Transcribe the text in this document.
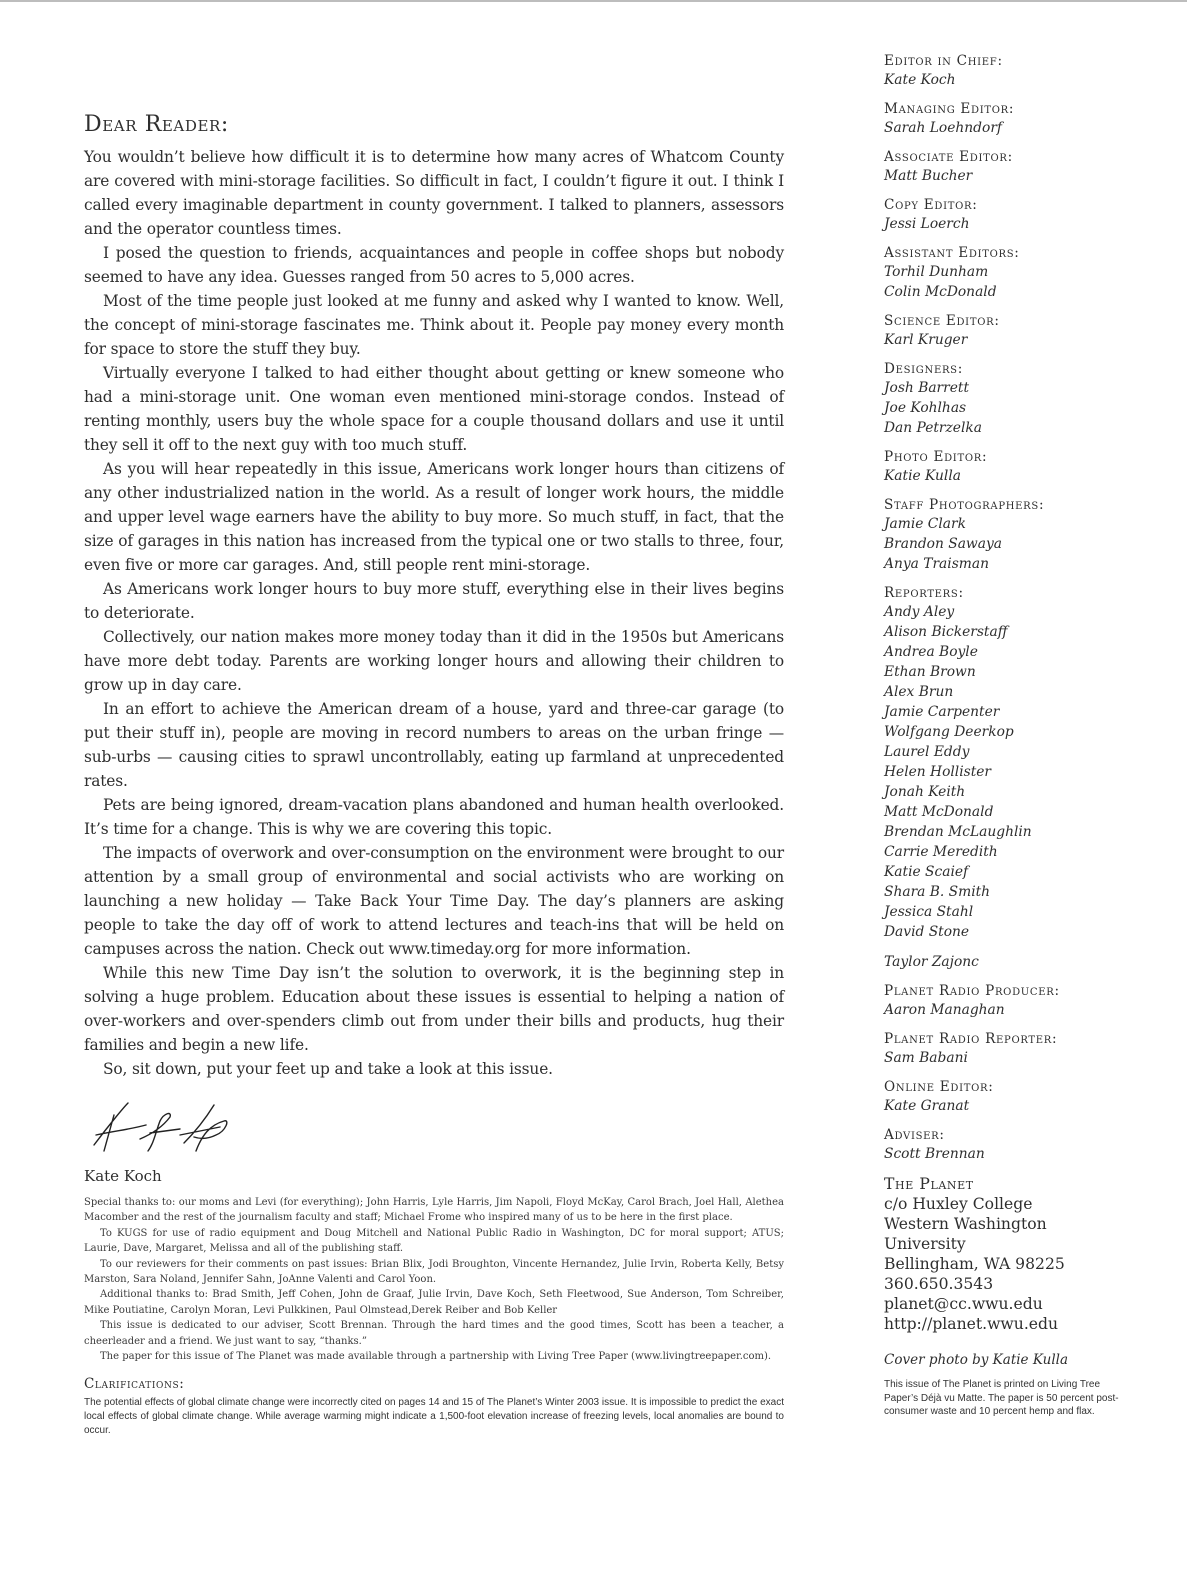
Dear Reader:

You wouldn’t believe how difficult it is to determine how many acres of Whatcom County are covered with mini-storage facilities. So difficult in fact, I couldn’t figure it out. I think I called every imaginable department in county government. I talked to planners, assessors and the operator countless times.

I posed the question to friends, acquaintances and people in coffee shops but nobody seemed to have any idea. Guesses ranged from 50 acres to 5,000 acres.

Most of the time people just looked at me funny and asked why I wanted to know. Well, the concept of mini-storage fascinates me. Think about it. People pay money every month for space to store the stuff they buy.

Virtually everyone I talked to had either thought about getting or knew someone who had a mini-storage unit. One woman even mentioned mini-storage condos. Instead of renting monthly, users buy the whole space for a couple thousand dollars and use it until they sell it off to the next guy with too much stuff.

As you will hear repeatedly in this issue, Americans work longer hours than citizens of any other industrialized nation in the world. As a result of longer work hours, the middle and upper level wage earners have the ability to buy more. So much stuff, in fact, that the size of garages in this nation has increased from the typical one or two stalls to three, four, even five or more car garages. And, still people rent mini-storage.

As Americans work longer hours to buy more stuff, everything else in their lives begins to deteriorate.

Collectively, our nation makes more money today than it did in the 1950s but Americans have more debt today. Parents are working longer hours and allowing their children to grow up in day care.

In an effort to achieve the American dream of a house, yard and three-car garage (to put their stuff in), people are moving in record numbers to areas on the urban fringe — sub-urbs — causing cities to sprawl uncontrollably, eating up farmland at unprecedented rates.

Pets are being ignored, dream-vacation plans abandoned and human health overlooked. It’s time for a change. This is why we are covering this topic.

The impacts of overwork and over-consumption on the environment were brought to our attention by a small group of environmental and social activists who are working on launching a new holiday — Take Back Your Time Day. The day’s planners are asking people to take the day off of work to attend lectures and teach-ins that will be held on campuses across the nation. Check out www.timeday.org for more information.

While this new Time Day isn’t the solution to overwork, it is the beginning step in solving a huge problem. Education about these issues is essential to helping a nation of over-workers and over-spenders climb out from under their bills and products, hug their families and begin a new life.

So, sit down, put your feet up and take a look at this issue.

Kate Koch

Special thanks to: our moms and Levi (for everything); John Harris, Lyle Harris, Jim Napoli, Floyd McKay, Carol Brach, Joel Hall, Alethea Macomber and the rest of the journalism faculty and staff; Michael Frome who inspired many of us to be here in the first place.

To KUGS for use of radio equipment and Doug Mitchell and National Public Radio in Washington, DC for moral support; ATUS; Laurie, Dave, Margaret, Melissa and all of the publishing staff.

To our reviewers for their comments on past issues: Brian Blix, Jodi Broughton, Vincente Hernandez, Julie Irvin, Roberta Kelly, Betsy Marston, Sara Noland, Jennifer Sahn, JoAnne Valenti and Carol Yoon.

Additional thanks to: Brad Smith, Jeff Cohen, John de Graaf, Julie Irvin, Dave Koch, Seth Fleetwood, Sue Anderson, Tom Schreiber, Mike Poutiatine, Carolyn Moran, Levi Pulkkinen, Paul Olmstead,Derek Reiber and Bob Keller

This issue is dedicated to our adviser, Scott Brennan. Through the hard times and the good times, Scott has been a teacher, a cheerleader and a friend. We just want to say, “thanks.”

The paper for this issue of The Planet was made available through a partnership with Living Tree Paper (www.livingtreepaper.com).

Clarifications:

The potential effects of global climate change were incorrectly cited on pages 14 and 15 of The Planet’s Winter 2003 issue. It is impossible to predict the exact local effects of global climate change. While average warming might indicate a 1,500-foot elevation increase of freezing levels, local anomalies are bound to occur.

Editor in Chief:
Kate Koch
Managing Editor:
Sarah Loehndorf
Associate Editor:
Matt Bucher
Copy Editor:
Jessi Loerch
Assistant Editors:
Torhil Dunham
Colin McDonald
Science Editor:
Karl Kruger
Designers:
Josh Barrett
Joe Kohlhas
Dan Petrzelka
Photo Editor:
Katie Kulla
Staff Photographers:
Jamie Clark
Brandon Sawaya
Anya Traisman
Reporters:
Andy Aley
Alison Bickerstaff
Andrea Boyle
Ethan Brown
Alex Brun
Jamie Carpenter
Wolfgang Deerkop
Laurel Eddy
Helen Hollister
Jonah Keith
Matt McDonald
Brendan McLaughlin
Carrie Meredith
Katie Scaief
Shara B. Smith
Jessica Stahl
David Stone
Taylor Zajonc
Planet Radio Producer:
Aaron Managhan
Planet Radio Reporter:
Sam Babani
Online Editor:
Kate Granat
Adviser:
Scott Brennan
The Planet
c/o Huxley College
Western Washington
University
Bellingham, WA 98225
360.650.3543
planet@cc.wwu.edu
http://planet.wwu.edu
Cover photo by Katie Kulla

This issue of The Planet is printed on Living Tree Paper’s Déjà vu Matte. The paper is 50 percent post-consumer waste and 10 percent hemp and flax.
